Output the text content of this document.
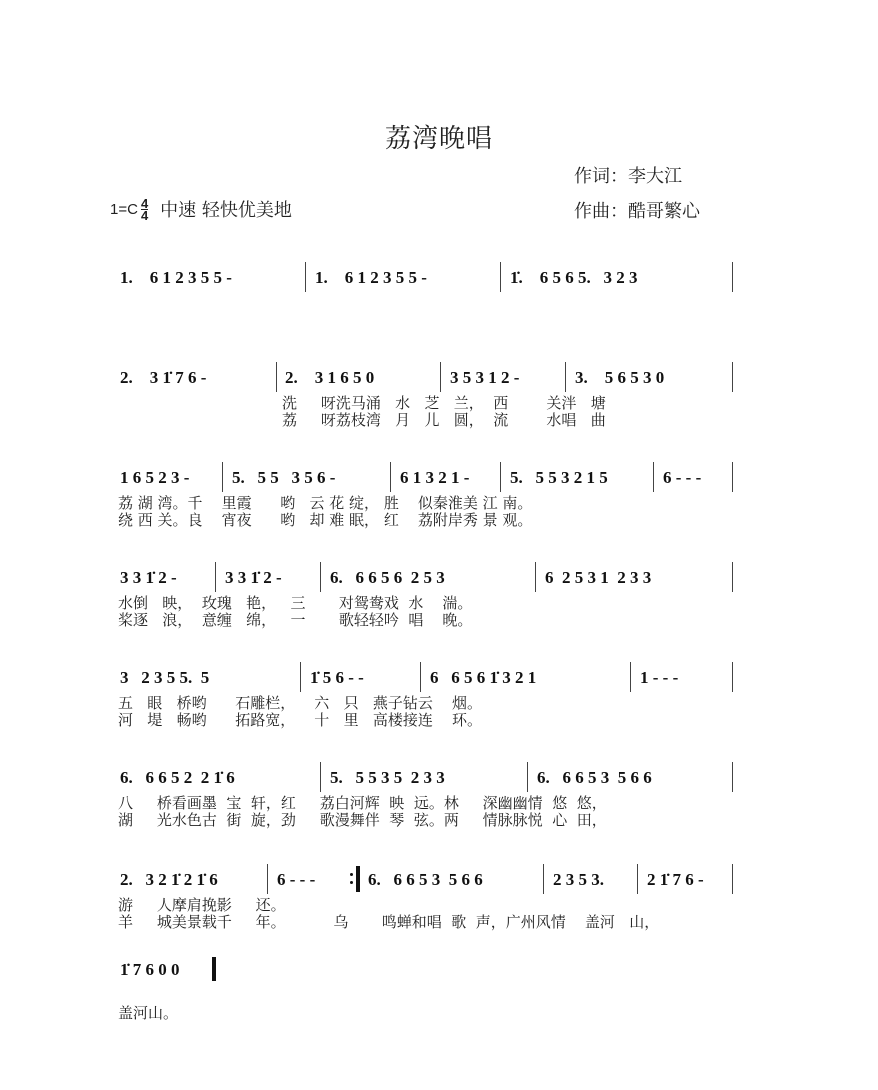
荔湾晚唱
作词：李大江
作曲：酷哥繁心
$1=C \frac{4}{4}$ 中速 轻快优美地
1.    6 1 2 3 5 5 -	1.    6 1 2 3 5 5 -	1̇.    6 5 6 5.   3 2 3
2.    3 1̇ 7 6 -	2.    3 1 6 5 0	3 5 3 1 2 -	3.    5 6 5 3 0
洗     呀洗马涌   水   芝   兰，  西        关泮   塘
荔     呀荔枝湾   月   儿   圆，  流        水唱   曲
1 6 5 2 3 -	5.   5 5   3 5 6 -	6 1 3 2 1 - 5.   5 5 3 2 1 5	6 - - -
荔 湖 湾。千    里霞      哟   云 花 绽， 胜    似秦淮美 江 南。
绕 西 关。良    宵夜      哟   却 难 眠， 红    荔附岸秀 景 观。
3 3 1̇ 2 -	3 3 1̇ 2 -	6.   6 6 5 6  2 5 3	6  2 5 3 1  2 3 3
水倒   映，  玫瑰   艳，   三       对鸳鸯戏  水    湍。
桨逐   浪，  意缠   绵，   一       歌轻轻吟  唱    晚。
3   2 3 5 5.  5	1̇ 5 6 - -	6   6 5 6 1̇ 3 2 1	1 - - -
五   眼   桥哟      石雕栏，    六   只   燕子钻云    烟。
河   堤   畅哟      拓路宽，    十   里   高楼接连    环。
6.   6 6 5 2  2 1̇ 6	5.   5 5 3 5  2 3 3	6.   6 6 5 3  5 6 6
八     桥看画墨  宝  轩，红     荔白河辉  映  远。林     深幽幽情  悠  悠，
湖     光水色古  街  旋，劲     歌漫舞伴  琴  弦。两     情脉脉悦  心  田，
2.   3 2 1̇ 2 1̇ 6	6 - - -	6.   6 6 5 3  5 6 6	2 3 5 3.	2 1̇ 7 6 -
游     人摩肩挽影     还。
羊     城美景载千     年。          乌       鸣蝉和唱  歌  声，广州风情    盖河   山，
1̇ 7 6 0 0
盖河山。
